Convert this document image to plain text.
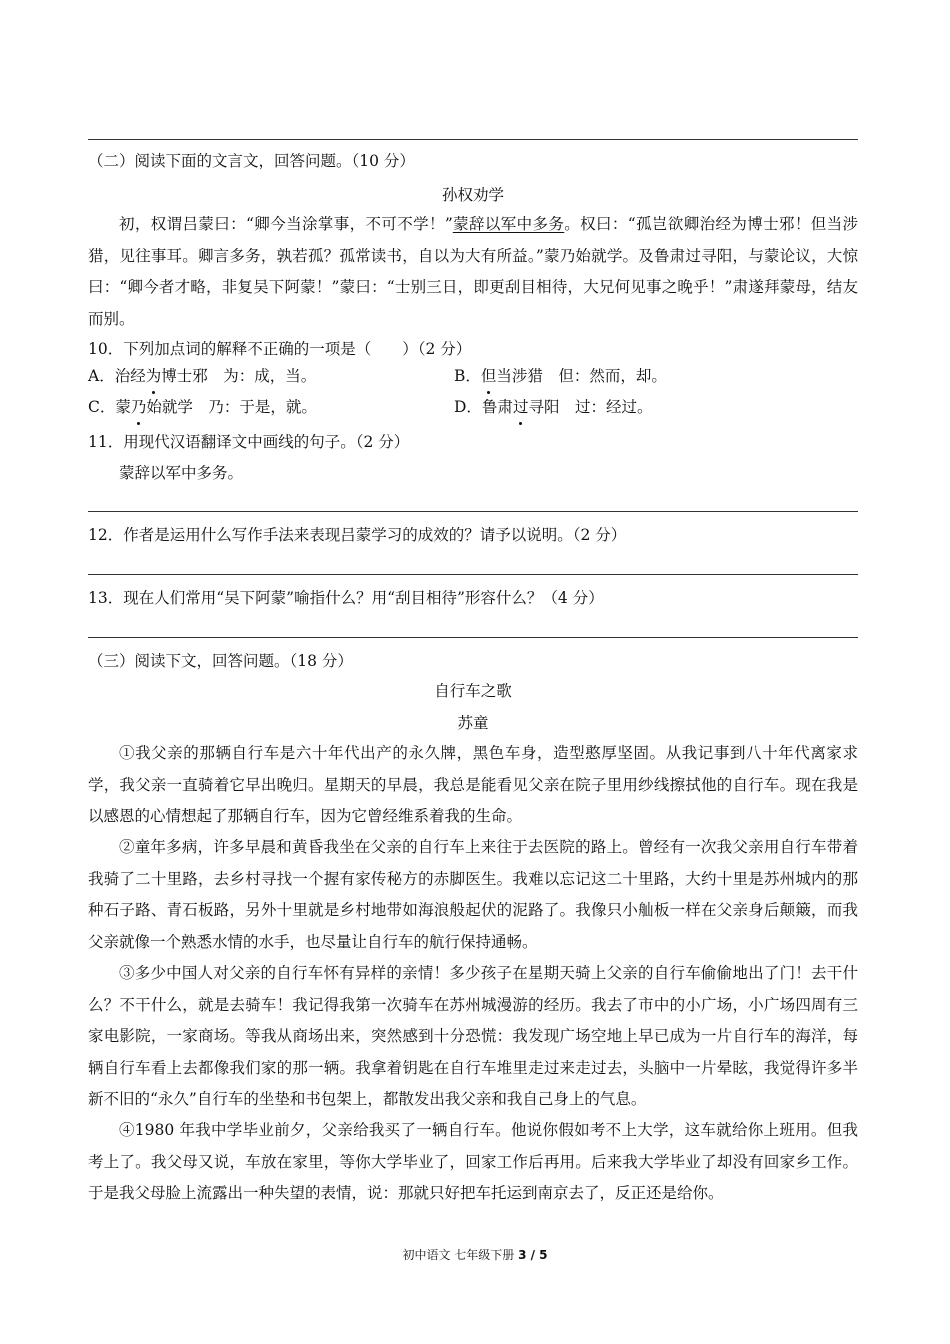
（二）阅读下面的文言文，回答问题。（10 分）
孙权劝学
初，权谓吕蒙曰：“卿今当涂掌事，不可不学！”蒙辞以军中多务。权曰：“孤岂欲卿治经为博士邪！但当涉猎，见往事耳。卿言多务，孰若孤？孤常读书，自以为大有所益。”蒙乃始就学。及鲁肃过寻阳，与蒙论议，大惊曰：“卿今者才略，非复吴下阿蒙！”蒙曰：“士别三日，即更刮目相待，大兄何见事之晚乎！”肃遂拜蒙母，结友而别。
10．下列加点词的解释不正确的一项是（　　）（2 分）
A．治经为博士邪　为：成，当。	B．但当涉猎　但：然而，却。
C．蒙乃始就学　乃：于是，就。	D．鲁肃过寻阳　过：经过。
11．用现代汉语翻译文中画线的句子。（2 分）
蒙辞以军中多务。
12．作者是运用什么写作手法来表现吕蒙学习的成效的？请予以说明。（2 分）
13．现在人们常用“吴下阿蒙”喻指什么？用“刮目相待”形容什么？（4 分）
（三）阅读下文，回答问题。（18 分）
自行车之歌
苏童
①我父亲的那辆自行车是六十年代出产的永久牌，黑色车身，造型憨厚坚固。从我记事到八十年代离家求学，我父亲一直骑着它早出晚归。星期天的早晨，我总是能看见父亲在院子里用纱线擦拭他的自行车。现在我是以感恩的心情想起了那辆自行车，因为它曾经维系着我的生命。
②童年多病，许多早晨和黄昏我坐在父亲的自行车上来往于去医院的路上。曾经有一次我父亲用自行车带着我骑了二十里路，去乡村寻找一个握有家传秘方的赤脚医生。我难以忘记这二十里路，大约十里是苏州城内的那种石子路、青石板路，另外十里就是乡村地带如海浪般起伏的泥路了。我像只小舢板一样在父亲身后颠簸，而我父亲就像一个熟悉水情的水手，也尽量让自行车的航行保持通畅。
③多少中国人对父亲的自行车怀有异样的亲情！多少孩子在星期天骑上父亲的自行车偷偷地出了门！去干什么？不干什么，就是去骑车！我记得我第一次骑车在苏州城漫游的经历。我去了市中的小广场，小广场四周有三家电影院，一家商场。等我从商场出来，突然感到十分恐慌：我发现广场空地上早已成为一片自行车的海洋，每辆自行车看上去都像我们家的那一辆。我拿着钥匙在自行车堆里走过来走过去，头脑中一片晕眩，我觉得许多半新不旧的“永久”自行车的坐垫和书包架上，都散发出我父亲和我自己身上的气息。
④1980 年我中学毕业前夕，父亲给我买了一辆自行车。他说你假如考不上大学，这车就给你上班用。但我考上了。我父母又说，车放在家里，等你大学毕业了，回家工作后再用。后来我大学毕业了却没有回家乡工作。于是我父母脸上流露出一种失望的表情，说：那就只好把车托运到南京去了，反正还是给你。
初中语文 七年级下册 3 / 5
